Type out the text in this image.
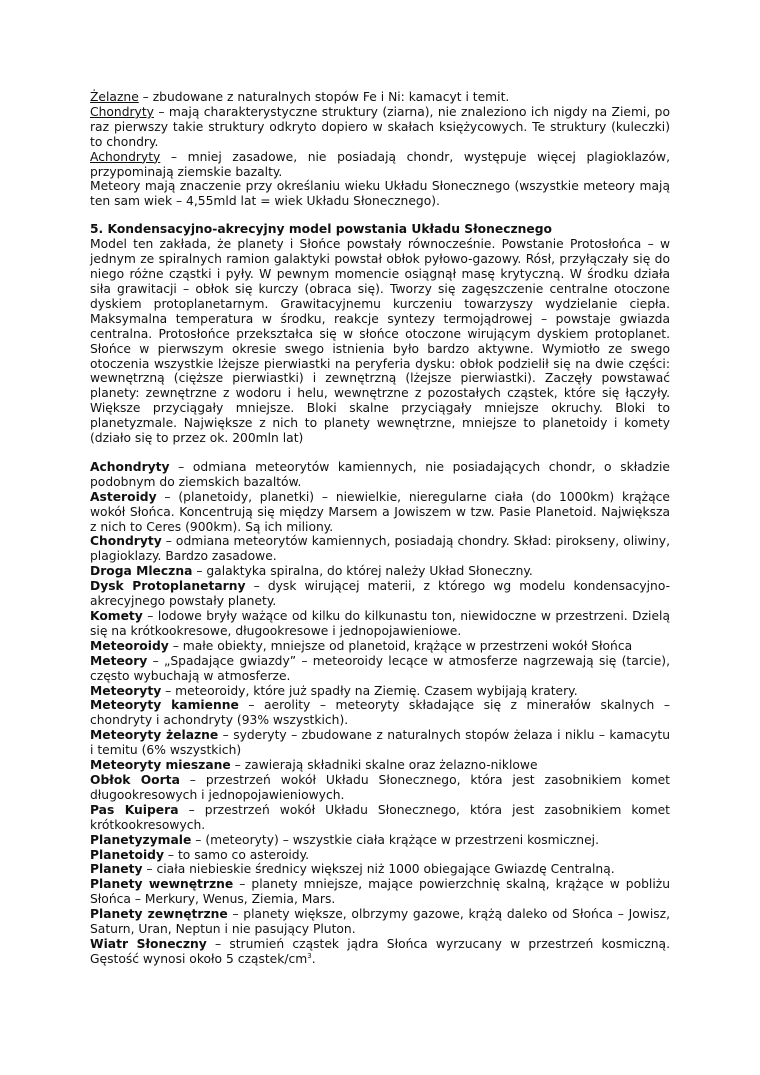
Żelazne – zbudowane z naturalnych stopów Fe i Ni: kamacyt i temit.

Chondryty – mają charakterystyczne struktury (ziarna), nie znaleziono ich nigdy na Ziemi, po raz pierwszy takie struktury odkryto dopiero w skałach księżycowych. Te struktury (kuleczki) to chondry.

Achondryty – mniej zasadowe, nie posiadają chondr, występuje więcej plagioklazów, przypominają ziemskie bazalty.

Meteory mają znaczenie przy określaniu wieku Układu Słonecznego (wszystkie meteory mają ten sam wiek – 4,55mld lat = wiek Układu Słonecznego).

5. Kondensacyjno-akrecyjny model powstania Układu Słonecznego

Model ten zakłada, że planety i Słońce powstały równocześnie. Powstanie Protosłońca – w jednym ze spiralnych ramion galaktyki powstał obłok pyłowo-gazowy. Rósł, przyłączały się do niego różne cząstki i pyły. W pewnym momencie osiągnął masę krytyczną. W środku działa siła grawitacji – obłok się kurczy (obraca się). Tworzy się zagęszczenie centralne otoczone dyskiem protoplanetarnym. Grawitacyjnemu kurczeniu towarzyszy wydzielanie ciepła. Maksymalna temperatura w środku, reakcje syntezy termojądrowej – powstaje gwiazda centralna. Protosłońce przekształca się w słońce otoczone wirującym dyskiem protoplanet. Słońce w pierwszym okresie swego istnienia było bardzo aktywne. Wymiotło ze swego otoczenia wszystkie lżejsze pierwiastki na peryferia dysku: obłok podzielił się na dwie części: wewnętrzną (cięższe pierwiastki) i zewnętrzną (lżejsze pierwiastki). Zaczęły powstawać planety: zewnętrzne z wodoru i helu, wewnętrzne z pozostałych cząstek, które się łączyły. Większe przyciągały mniejsze. Bloki skalne przyciągały mniejsze okruchy. Bloki to planetyzmale. Największe z nich to planety wewnętrzne, mniejsze to planetoidy i komety (działo się to przez ok. 200mln lat)

Achondryty – odmiana meteorytów kamiennych, nie posiadających chondr, o składzie podobnym do ziemskich bazaltów.

Asteroidy – (planetoidy, planetki) – niewielkie, nieregularne ciała (do 1000km) krążące wokół Słońca. Koncentrują się między Marsem a Jowiszem w tzw. Pasie Planetoid. Największa z nich to Ceres (900km). Są ich miliony.

Chondryty – odmiana meteorytów kamiennych, posiadają chondry. Skład: pirokseny, oliwiny, plagioklazy. Bardzo zasadowe.

Droga Mleczna – galaktyka spiralna, do której należy Układ Słoneczny.

Dysk Protoplanetarny – dysk wirującej materii, z którego wg modelu kondensacyjno-akrecyjnego powstały planety.

Komety – lodowe bryły ważące od kilku do kilkunastu ton, niewidoczne w przestrzeni. Dzielą się na krótkookresowe, długookresowe i jednopojawieniowe.

Meteoroidy – małe obiekty, mniejsze od planetoid, krążące w przestrzeni wokół Słońca

Meteory – „Spadające gwiazdy” – meteoroidy lecące w atmosferze nagrzewają się (tarcie), często wybuchają w atmosferze.

Meteoryty – meteoroidy, które już spadły na Ziemię. Czasem wybijają kratery.

Meteoryty kamienne – aerolity – meteoryty składające się z minerałów skalnych – chondryty i achondryty (93% wszystkich).

Meteoryty żelazne – syderyty – zbudowane z naturalnych stopów żelaza i niklu – kamacytu i temitu (6% wszystkich)

Meteoryty mieszane – zawierają składniki skalne oraz żelazno-niklowe

Obłok Oorta – przestrzeń wokół Układu Słonecznego, która jest zasobnikiem komet długookresowych i jednopojawieniowych.

Pas Kuipera – przestrzeń wokół Układu Słonecznego, która jest zasobnikiem komet krótkookresowych.

Planetyzymale – (meteoryty) – wszystkie ciała krążące w przestrzeni kosmicznej.

Planetoidy – to samo co asteroidy.

Planety – ciała niebieskie średnicy większej niż 1000 obiegające Gwiazdę Centralną.

Planety wewnętrzne – planety mniejsze, mające powierzchnię skalną, krążące w pobliżu Słońca – Merkury, Wenus, Ziemia, Mars.

Planety zewnętrzne – planety większe, olbrzymy gazowe, krążą daleko od Słońca – Jowisz, Saturn, Uran, Neptun i nie pasujący Pluton.

Wiatr Słoneczny – strumień cząstek jądra Słońca wyrzucany w przestrzeń kosmiczną. Gęstość wynosi około 5 cząstek/$cm^3$.
